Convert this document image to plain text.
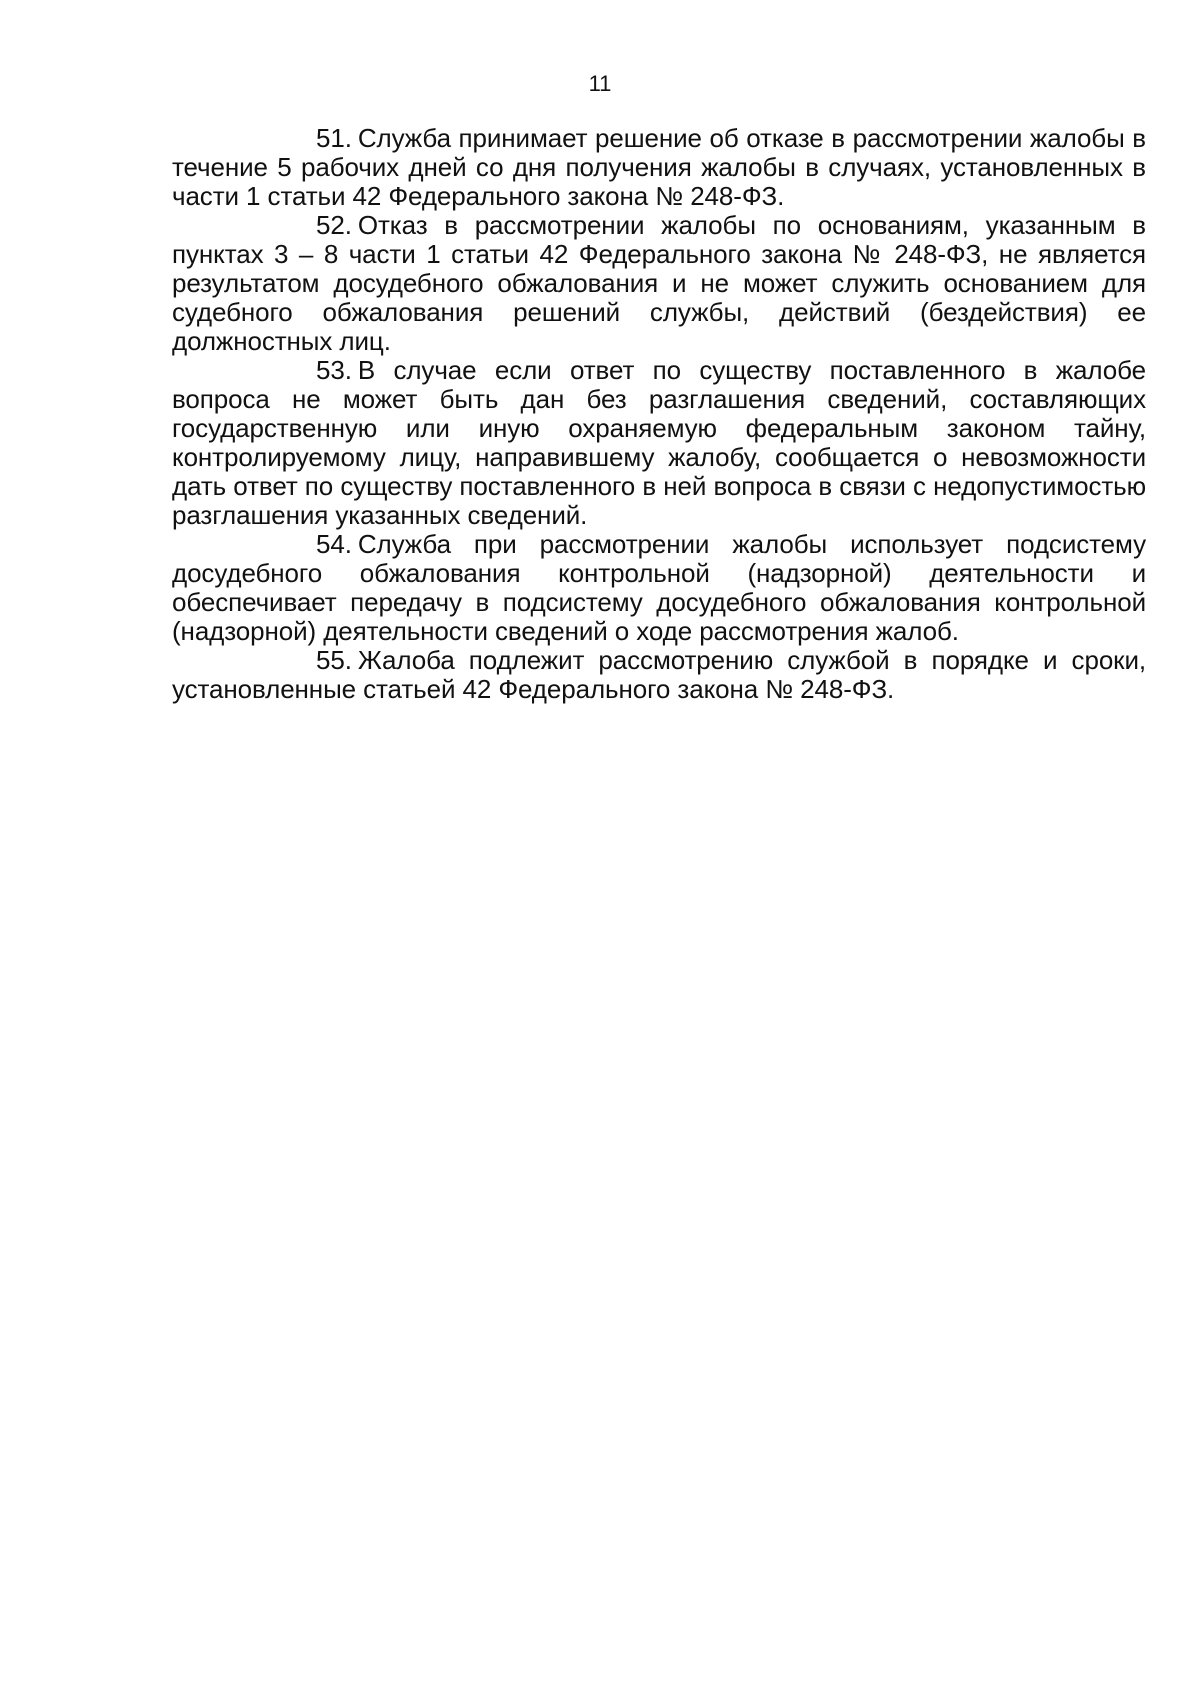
11

51. Служба принимает решение об отказе в рассмотрении жалобы в течение 5 рабочих дней со дня получения жалобы в случаях, установленных в части 1 статьи 42 Федерального закона № 248-ФЗ.

52. Отказ в рассмотрении жалобы по основаниям, указанным в пунктах 3 – 8 части 1 статьи 42 Федерального закона № 248-ФЗ, не является результатом досудебного обжалования и не может служить основанием для судебного обжалования решений службы, действий (бездействия) ее должностных лиц.

53. В случае если ответ по существу поставленного в жалобе вопроса не может быть дан без разглашения сведений, составляющих государственную или иную охраняемую федеральным законом тайну, контролируемому лицу, направившему жалобу, сообщается о невозможности дать ответ по существу поставленного в ней вопроса в связи с недопустимостью разглашения указанных сведений.

54. Служба при рассмотрении жалобы использует подсистему досудебного обжалования контрольной (надзорной) деятельности и обеспечивает передачу в подсистему досудебного обжалования контрольной (надзорной) деятельности сведений о ходе рассмотрения жалоб.

55. Жалоба подлежит рассмотрению службой в порядке и сроки, установленные статьей 42 Федерального закона № 248-ФЗ.
